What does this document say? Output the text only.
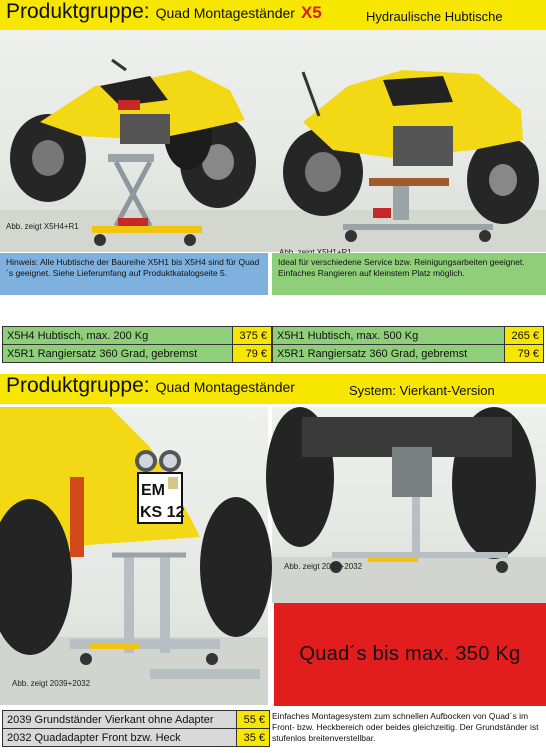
Produktgruppe: Quad Montageständer X5	Hydraulische Hubtische
Abb. zeigt X5H4+R1
Hinweis: Alle Hubtische der Baureihe X5H1 bis X5H4 sind für Quad´s geeignet. Siehe Lieferumfang auf Produktkatalogseite 5.
Ideal für verschiedene Service bzw. Reinigungsarbeiten geeignet. Einfaches Rangieren auf kleinstem Platz möglich.
X5H4 Hubtisch, max. 200 Kg	375 €
X5R1 Rangiersatz 360 Grad, gebremst	79 €
X5H1 Hubtisch, max. 500 Kg	265 €
X5R1 Rangiersatz 360 Grad, gebremst	79 €
Produktgruppe: Quad Montageständer	System: Vierkant-Version
EM
KS 12
Abb. zeigt 2039+2032
Abb. zeigt 2039+2032
Quad´s bis max. 350 Kg
2039 Grundständer Vierkant ohne Adapter	55 €
2032 Quadadapter Front bzw. Heck	35 €
Einfaches Montagesystem zum schnellen Aufbocken von Quad´s im Front- bzw. Heckbereich oder beides gleichzeitig. Der Grundständer ist stufenlos breitenverstellbar.
